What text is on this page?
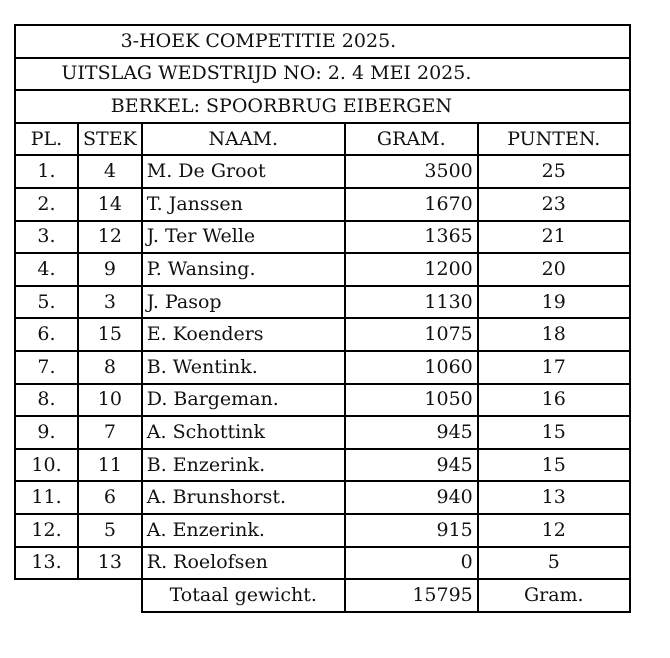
3-HOEK COMPETITIE 2025.				
UITSLAG WEDSTRIJD NO: 2. 4 MEI 2025.				
BERKEL: SPOORBRUG EIBERGEN				
PL.	STEK	NAAM.	GRAM.	PUNTEN.
1.	4	M. De Groot	3500	25
2.	14	T. Janssen	1670	23
3.	12	J. Ter Welle	1365	21
4.	9	P. Wansing.	1200	20
5.	3	J. Pasop	1130	19
6.	15	E. Koenders	1075	18
7.	8	B. Wentink.	1060	17
8.	10	D. Bargeman.	1050	16
9.	7	A. Schottink	945	15
10.	11	B. Enzerink.	945	15
11.	6	A. Brunshorst.	940	13
12.	5	A. Enzerink.	915	12
13.	13	R. Roelofsen	0	5
		Totaal gewicht.	15795	Gram.
